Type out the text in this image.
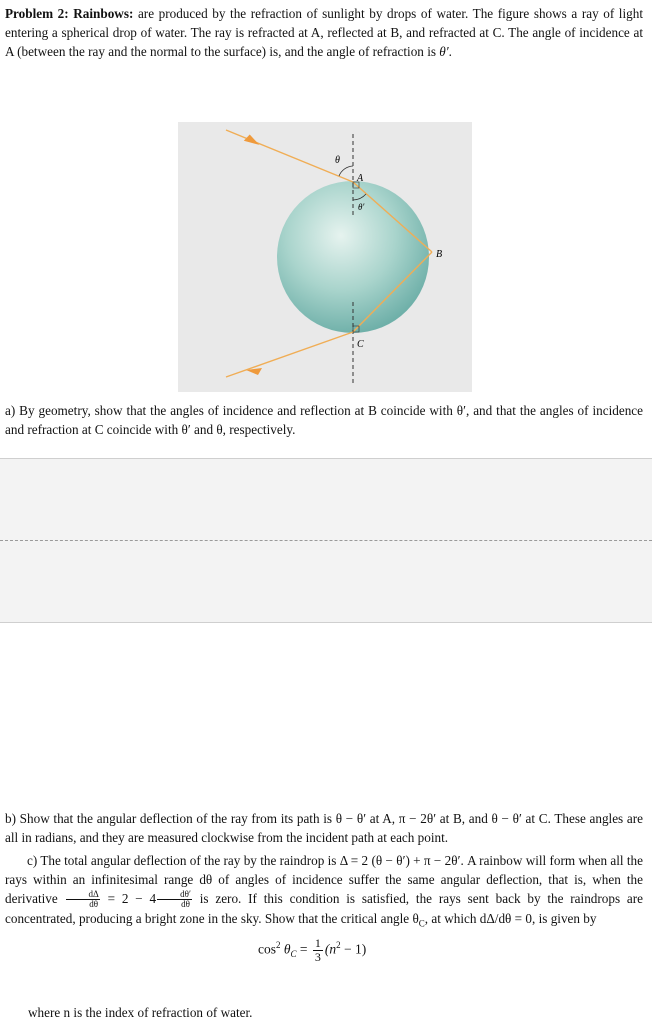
Problem 2: Rainbows: are produced by the refraction of sunlight by drops of water. The figure shows a ray of light entering a spherical drop of water. The ray is refracted at A, reflected at B, and refracted at C. The angle of incidence at A (between the ray and the normal to the surface) is, and the angle of refraction is θ′.
θ
A
θ′
B
C
a) By geometry, show that the angles of incidence and reflection at B coincide with θ′, and that the angles of incidence and refraction at C coincide with θ′ and θ, respectively.
b) Show that the angular deflection of the ray from its path is θ − θ′ at A, π − 2θ′ at B, and θ − θ′ at C. These angles are all in radians, and they are measured clockwise from the incident path at each point.
c) The total angular deflection of the ray by the raindrop is Δ = 2 (θ − θ′) + π − 2θ′. A rainbow will form when all the rays within an infinitesimal range dθ of angles of incidence suffer the same angular deflection, that is, when the derivative $\frac{d\Delta}{d\theta} = 2 - 4 \frac{d\theta'}{d\theta}$ is zero. If this condition is satisfied, the rays sent back by the raindrops are concentrated, producing a bright zone in the sky. Show that the critical angle $\theta_C$, at which dΔ/dθ = 0, is given by
$\cos^2 \theta_C = \frac{1}{3} (n^2 - 1)$
where n is the index of refraction of water.
